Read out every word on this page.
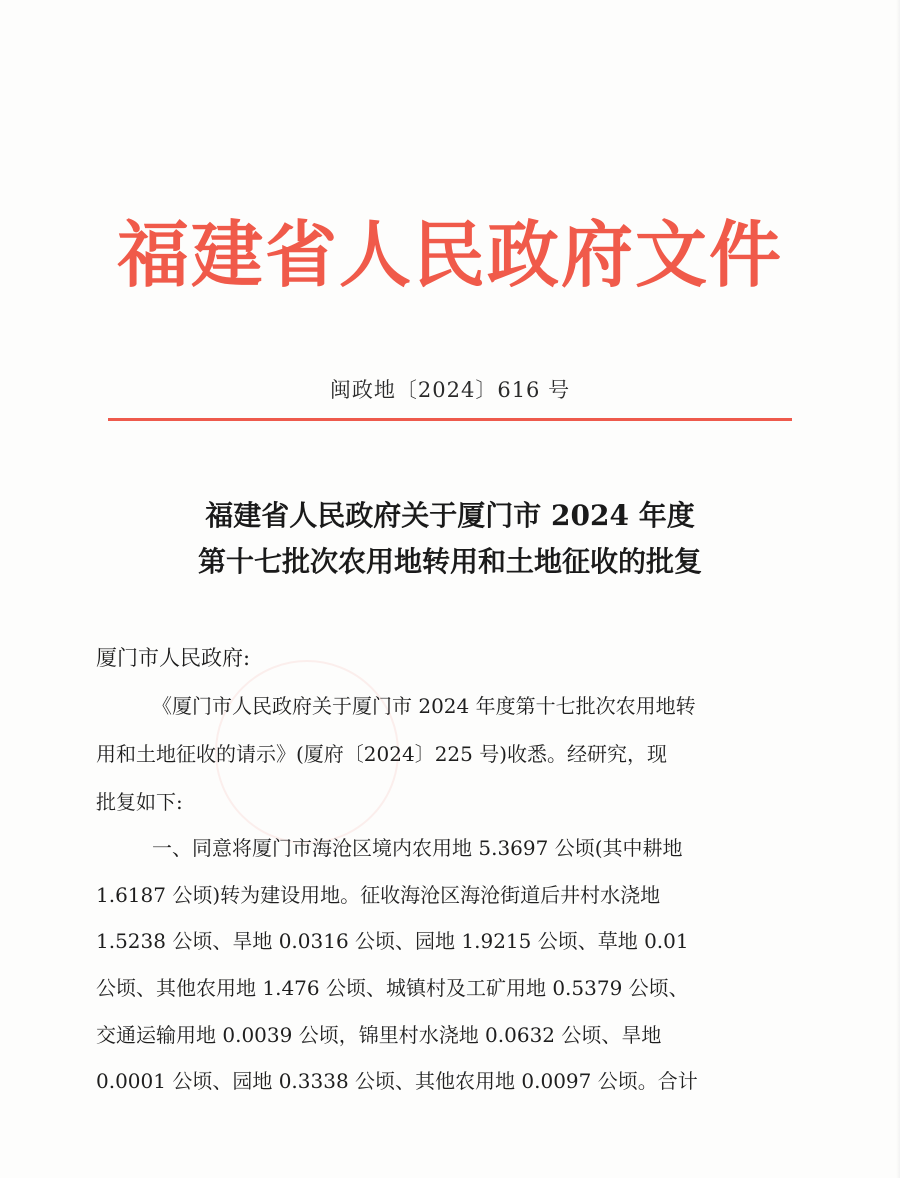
福建省人民政府文件
闽政地〔2024〕616 号
福建省人民政府关于厦门市 2024 年度
第十七批次农用地转用和土地征收的批复
厦门市人民政府:
《厦门市人民政府关于厦门市 2024 年度第十七批次农用地转
用和土地征收的请示》(厦府〔2024〕225 号)收悉。经研究，现
批复如下:
一、同意将厦门市海沧区境内农用地 5.3697 公顷(其中耕地
1.6187 公顷)转为建设用地。征收海沧区海沧街道后井村水浇地
1.5238 公顷、旱地 0.0316 公顷、园地 1.9215 公顷、草地 0.01
公顷、其他农用地 1.476 公顷、城镇村及工矿用地 0.5379 公顷、
交通运输用地 0.0039 公顷，锦里村水浇地 0.0632 公顷、旱地
0.0001 公顷、园地 0.3338 公顷、其他农用地 0.0097 公顷。合计
